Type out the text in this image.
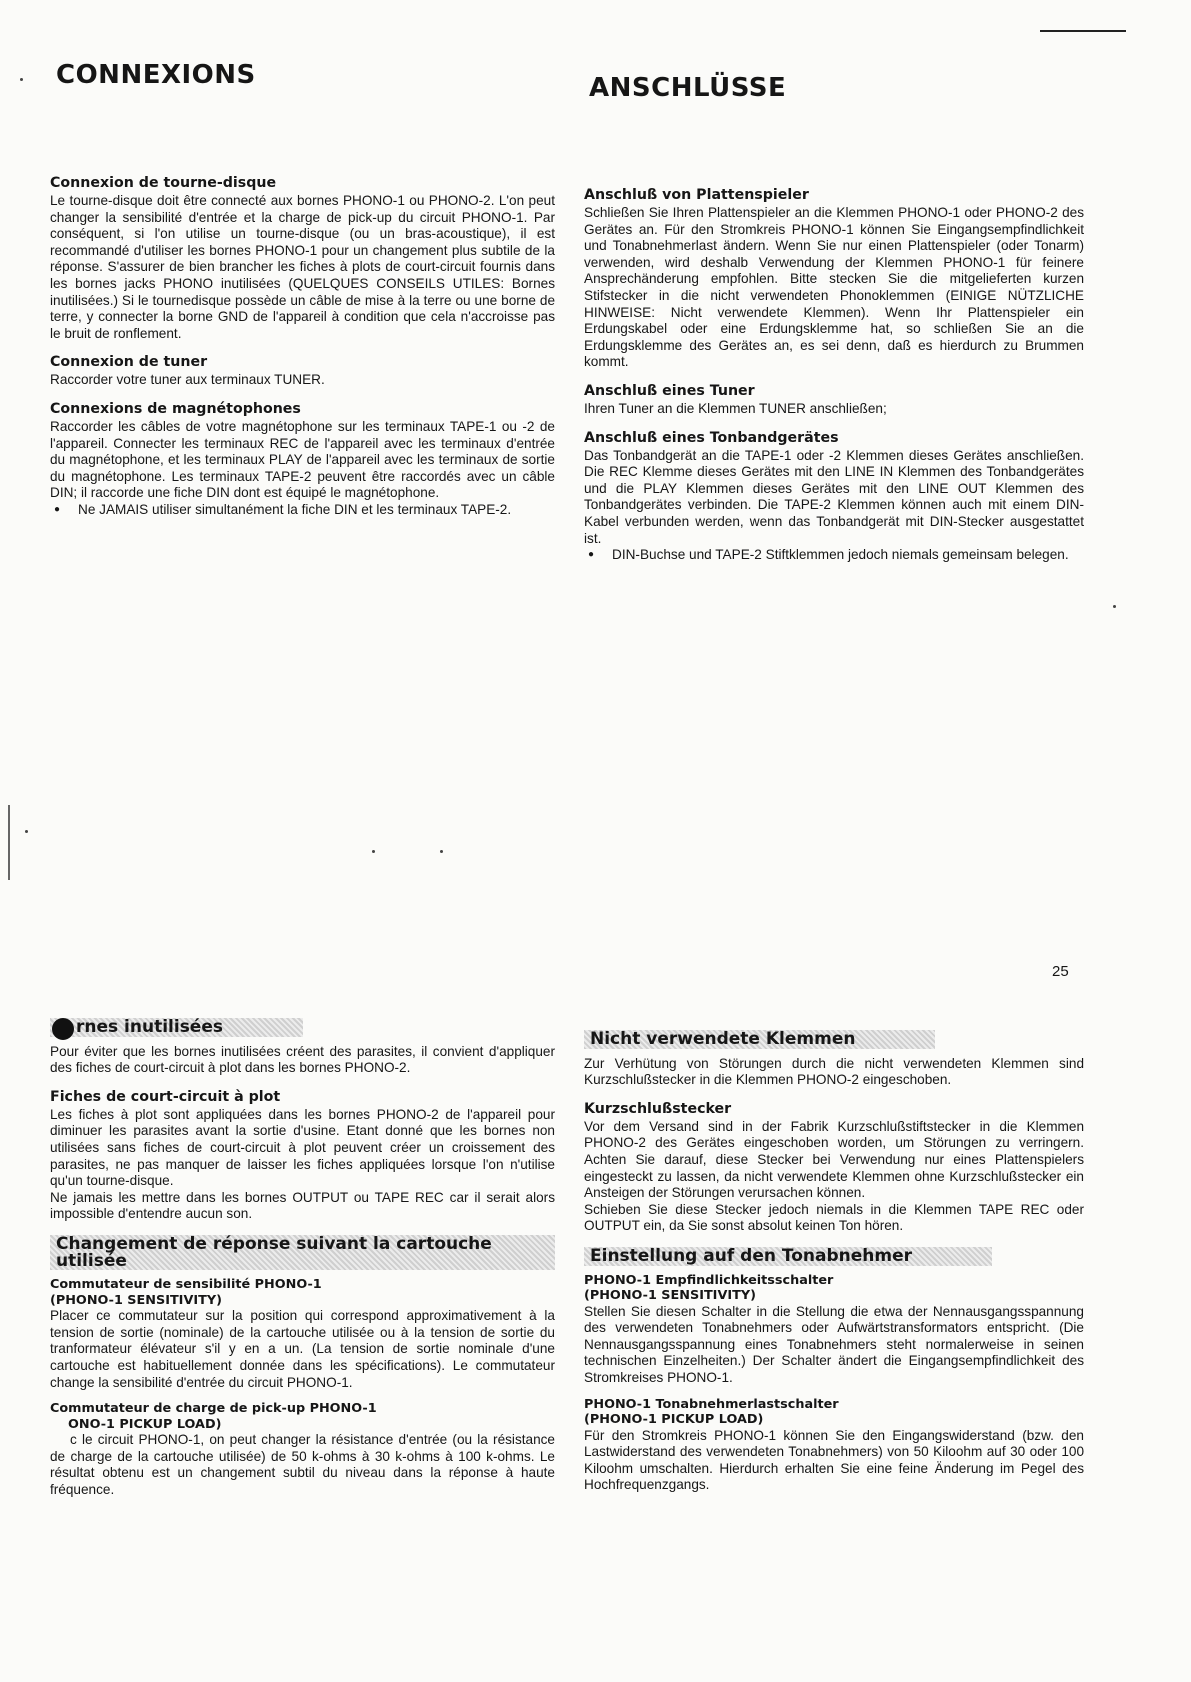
CONNEXIONS	ANSCHLÜSSE
Connexion de tourne-disque

Le tourne-disque doit être connecté aux bornes PHONO-1 ou PHONO-2. L'on peut changer la sensibilité d'entrée et la charge de pick-up du circuit PHONO-1. Par conséquent, si l'on utilise un tourne-disque (ou un bras-acoustique), il est recommandé d'utiliser les bornes PHONO-1 pour un changement plus subtile de la réponse. S'assurer de bien brancher les fiches à plots de court-circuit fournis dans les bornes jacks PHONO inutilisées (QUELQUES CONSEILS UTILES: Bornes inutilisées.) Si le tournedisque possède un câble de mise à la terre ou une borne de terre, y connecter la borne GND de l'appareil à condition que cela n'accroisse pas le bruit de ronflement.

Connexion de tuner

Raccorder votre tuner aux terminaux TUNER.

Connexions de magnétophones

Raccorder les câbles de votre magnétophone sur les terminaux TAPE-1 ou -2 de l'appareil. Connecter les terminaux REC de l'appareil avec les terminaux d'entrée du magnétophone, et les terminaux PLAY de l'appareil avec les terminaux de sortie du magnétophone. Les terminaux TAPE-2 peuvent être raccordés avec un câble DIN; il raccorde une fiche DIN dont est équipé le magnétophone.

● Ne JAMAIS utiliser simultanément la fiche DIN et les terminaux TAPE-2.
Anschluß von Plattenspieler

Schließen Sie Ihren Plattenspieler an die Klemmen PHONO-1 oder PHONO-2 des Gerätes an. Für den Stromkreis PHONO-1 können Sie Eingangsempfindlichkeit und Tonabnehmerlast ändern. Wenn Sie nur einen Plattenspieler (oder Tonarm) verwenden, wird deshalb Verwendung der Klemmen PHONO-1 für feinere Ansprechänderung empfohlen. Bitte stecken Sie die mitgelieferten kurzen Stifstecker in die nicht verwendeten Phonoklemmen (EINIGE NÜTZLICHE HINWEISE: Nicht verwendete Klemmen). Wenn Ihr Plattenspieler ein Erdungskabel oder eine Erdungsklemme hat, so schließen Sie an die Erdungsklemme des Gerätes an, es sei denn, daß es hierdurch zu Brummen kommt.

Anschluß eines Tuner

Ihren Tuner an die Klemmen TUNER anschließen;

Anschluß eines Tonbandgerätes

Das Tonbandgerät an die TAPE-1 oder -2 Klemmen dieses Gerätes anschließen. Die REC Klemme dieses Gerätes mit den LINE IN Klemmen des Tonbandgerätes und die PLAY Klemmen dieses Gerätes mit den LINE OUT Klemmen des Tonbandgerätes verbinden. Die TAPE-2 Klemmen können auch mit einem DIN-Kabel verbunden werden, wenn das Tonbandgerät mit DIN-Stecker ausgestattet ist.

● DIN-Buchse und TAPE-2 Stiftklemmen jedoch niemals gemeinsam belegen.
rnes inutilisées

Pour éviter que les bornes inutilisées créent des parasites, il convient d'appliquer des fiches de court-circuit à plot dans les bornes PHONO-2.

Fiches de court-circuit à plot

Les fiches à plot sont appliquées dans les bornes PHONO-2 de l'appareil pour diminuer les parasites avant la sortie d'usine. Etant donné que les bornes non utilisées sans fiches de court-circuit à plot peuvent créer un croissement des parasites, ne pas manquer de laisser les fiches appliquées lorsque l'on n'utilise qu'un tourne-disque.

Ne jamais les mettre dans les bornes OUTPUT ou TAPE REC car il serait alors impossible d'entendre aucun son.

Changement de réponse suivant la cartouche utilisée
Commutateur de sensibilité PHONO-1
(PHONO-1 SENSITIVITY)

Placer ce commutateur sur la position qui correspond approximativement à la tension de sortie (nominale) de la cartouche utilisée ou à la tension de sortie du tranformateur élévateur s'il y en a un. (La tension de sortie nominale d'une cartouche est habituellement donnée dans les spécifications). Le commutateur change la sensibilité d'entrée du circuit PHONO-1.

Commutateur de charge de pick-up PHONO-1
ONO-1 PICKUP LOAD)

c le circuit PHONO-1, on peut changer la résistance d'entrée (ou la résistance de charge de la cartouche utilisée) de 50 k-ohms à 30 k-ohms à 100 k-ohms. Le résultat obtenu est un changement subtil du niveau dans la réponse à haute fréquence.

Nicht verwendete Klemmen

Zur Verhütung von Störungen durch die nicht verwendeten Klemmen sind Kurzschlußstecker in die Klemmen PHONO-2 eingeschoben.

Kurzschlußstecker

Vor dem Versand sind in der Fabrik Kurzschlußstiftstecker in die Klemmen PHONO-2 des Gerätes eingeschoben worden, um Störungen zu verringern. Achten Sie darauf, diese Stecker bei Verwendung nur eines Plattenspielers eingesteckt zu lassen, da nicht verwendete Klemmen ohne Kurzschlußstecker ein Ansteigen der Störungen verursachen können.

Schieben Sie diese Stecker jedoch niemals in die Klemmen TAPE REC oder OUTPUT ein, da Sie sonst absolut keinen Ton hören.

Einstellung auf den Tonabnehmer
PHONO-1 Empfindlichkeitsschalter
(PHONO-1 SENSITIVITY)

Stellen Sie diesen Schalter in die Stellung die etwa der Nennausgangsspannung des verwendeten Tonabnehmers oder Aufwärtstransformators entspricht. (Die Nennausgangsspannung eines Tonabnehmers steht normalerweise in seinen technischen Einzelheiten.) Der Schalter ändert die Eingangsempfindlichkeit des Stromkreises PHONO-1.

PHONO-1 Tonabnehmerlastschalter
(PHONO-1 PICKUP LOAD)

Für den Stromkreis PHONO-1 können Sie den Eingangswiderstand (bzw. den Lastwiderstand des verwendeten Tonabnehmers) von 50 Kiloohm auf 30 oder 100 Kiloohm umschalten. Hierdurch erhalten Sie eine feine Änderung im Pegel des Hochfrequenzgangs.

25
